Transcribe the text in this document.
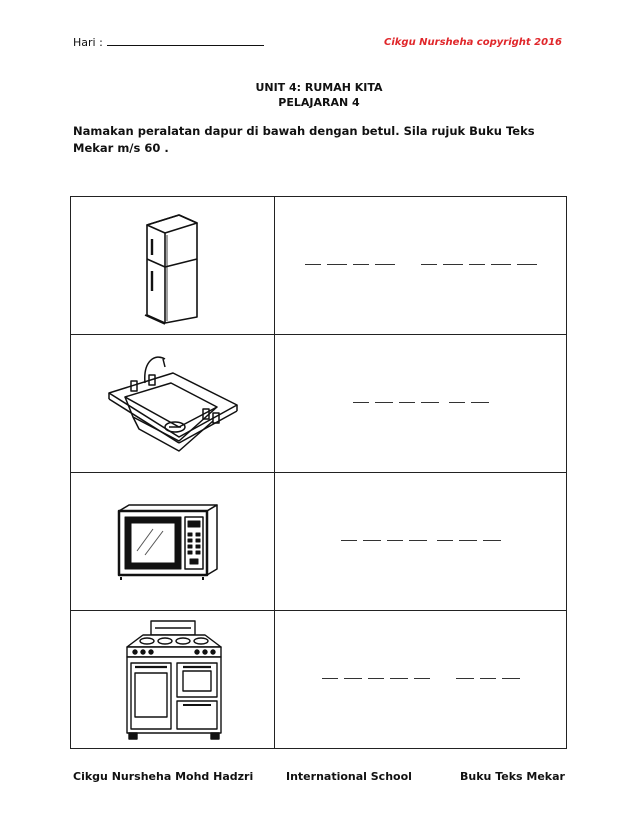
Hari :	Cikgu Nursheha copyright 2016
UNIT 4: RUMAH KITA
PELAJARAN 4
Namakan peralatan dapur di bawah dengan betul. Sila rujuk Buku Teks Mekar m/s 60 .

Cikgu Nursheha Mohd Hadzri	International School	Buku Teks Mekar
